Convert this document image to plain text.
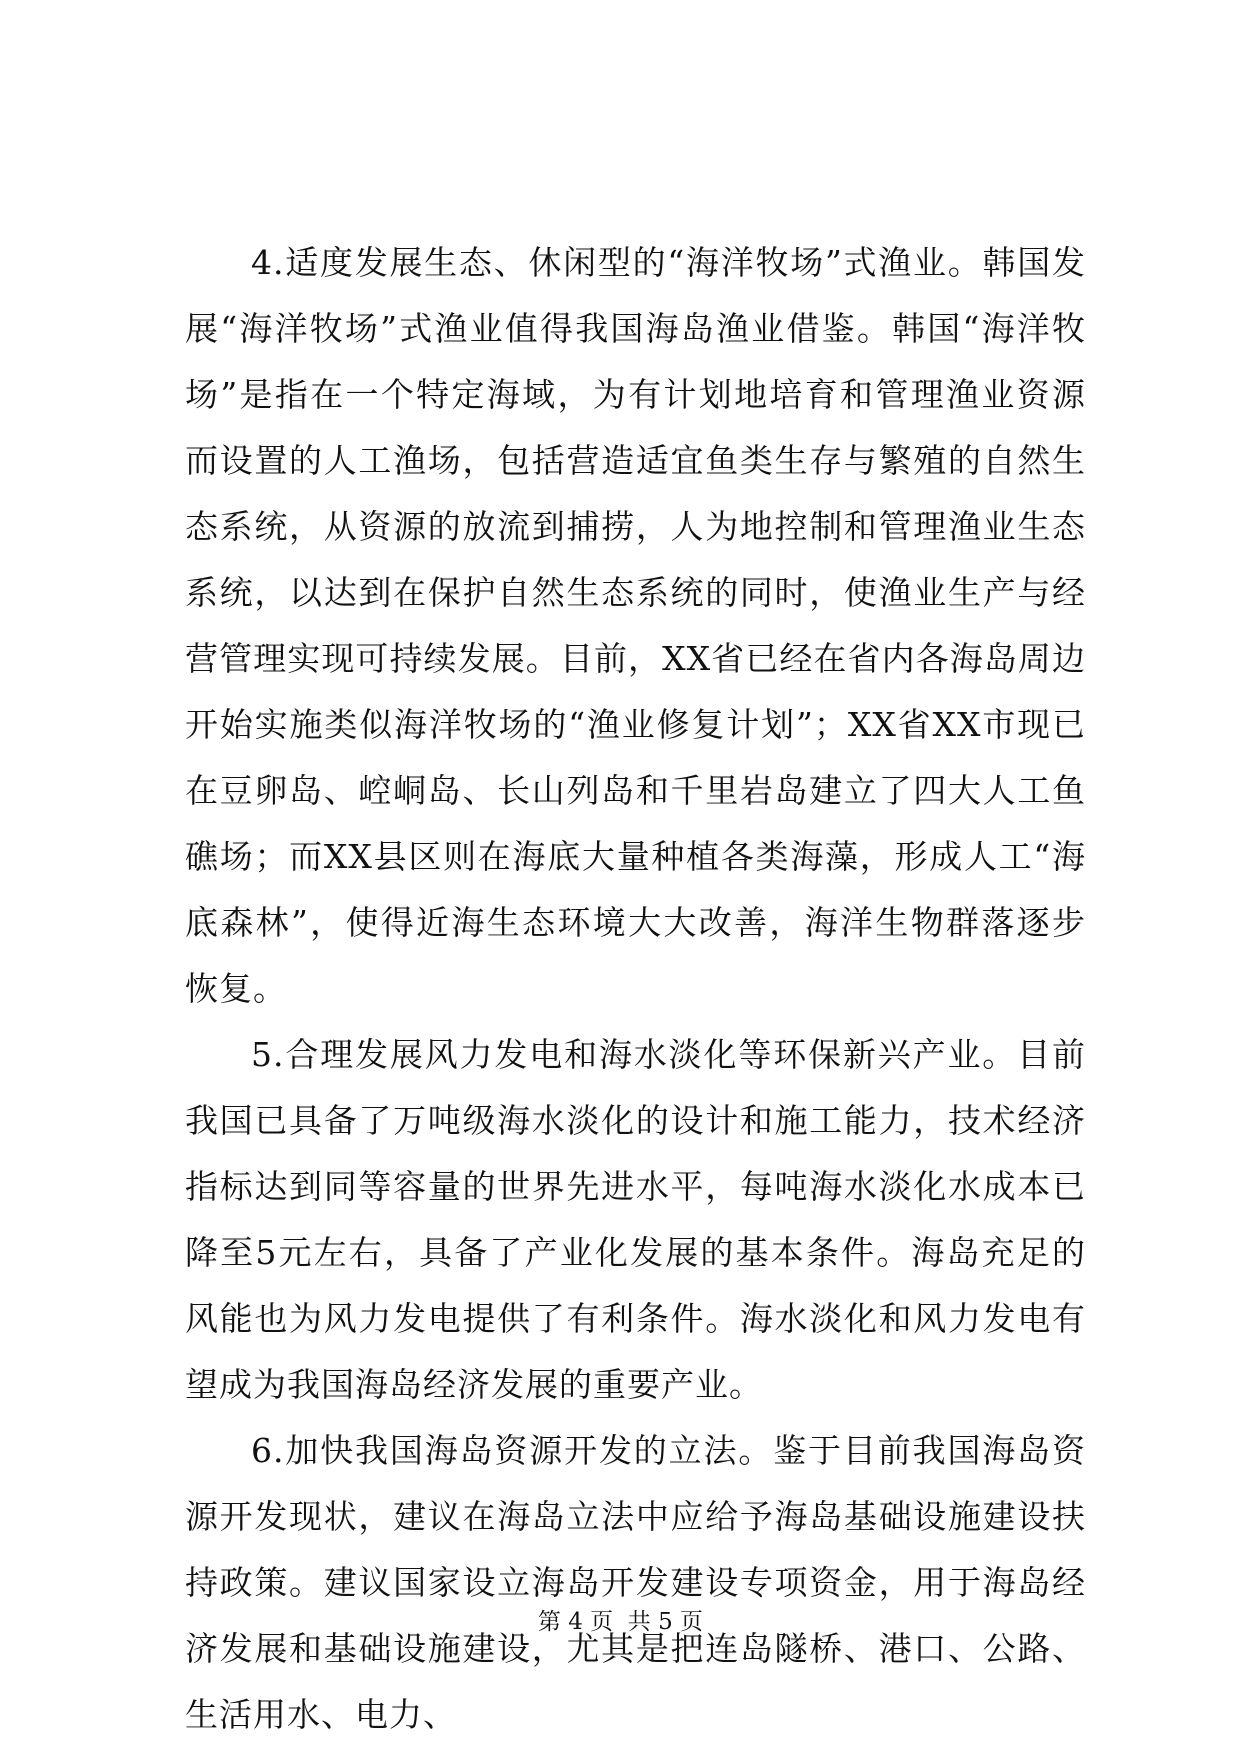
4.适度发展生态、休闲型的“海洋牧场”式渔业。韩国发展“海洋牧场”式渔业值得我国海岛渔业借鉴。韩国“海洋牧场”是指在一个特定海域，为有计划地培育和管理渔业资源而设置的人工渔场，包括营造适宜鱼类生存与繁殖的自然生态系统，从资源的放流到捕捞，人为地控制和管理渔业生态系统，以达到在保护自然生态系统的同时，使渔业生产与经营管理实现可持续发展。目前，XX省已经在省内各海岛周边开始实施类似海洋牧场的“渔业修复计划”；XX省XX市现已在豆卵岛、崆峒岛、长山列岛和千里岩岛建立了四大人工鱼礁场；而XX县区则在海底大量种植各类海藻，形成人工“海底森林”，使得近海生态环境大大改善，海洋生物群落逐步恢复。

5.合理发展风力发电和海水淡化等环保新兴产业。目前我国已具备了万吨级海水淡化的设计和施工能力，技术经济指标达到同等容量的世界先进水平，每吨海水淡化水成本已降至5元左右，具备了产业化发展的基本条件。海岛充足的风能也为风力发电提供了有利条件。海水淡化和风力发电有望成为我国海岛经济发展的重要产业。

6.加快我国海岛资源开发的立法。鉴于目前我国海岛资源开发现状，建议在海岛立法中应给予海岛基础设施建设扶持政策。建议国家设立海岛开发建设专项资金，用于海岛经济发展和基础设施建设，尤其是把连岛隧桥、港口、公路、生活用水、电力、

第 4 页  共 5 页
